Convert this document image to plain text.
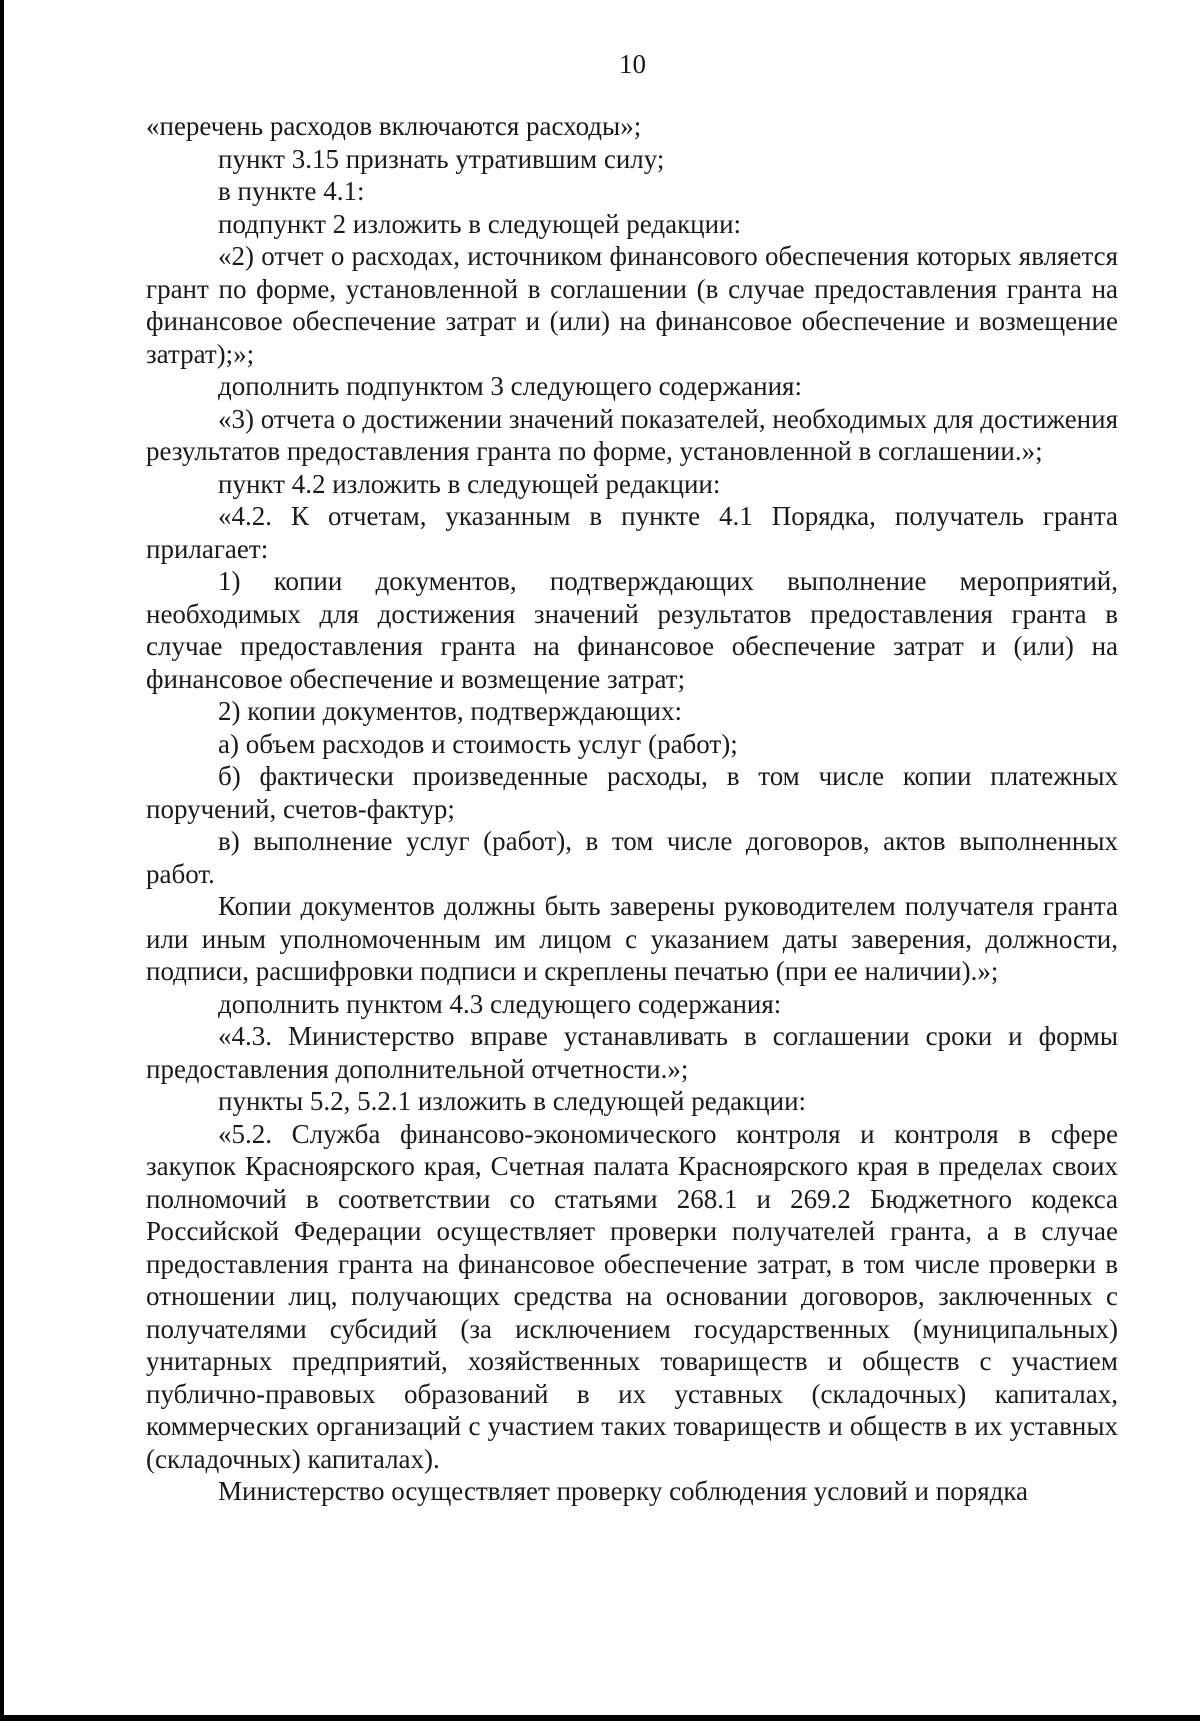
10

«перечень расходов включаются расходы»;

пункт 3.15 признать утратившим силу;

в пункте 4.1:

подпункт 2 изложить в следующей редакции:

«2) отчет о расходах, источником финансового обеспечения которых является грант по форме, установленной в соглашении (в случае предоставления гранта на финансовое обеспечение затрат и (или) на финансовое обеспечение и возмещение затрат);»;

дополнить подпунктом 3 следующего содержания:

«3) отчета о достижении значений показателей, необходимых для достижения результатов предоставления гранта по форме, установленной в соглашении.»;

пункт 4.2 изложить в следующей редакции:

«4.2. К отчетам, указанным в пункте 4.1 Порядка, получатель гранта прилагает:

1) копии документов, подтверждающих выполнение мероприятий, необходимых для достижения значений результатов предоставления гранта в случае предоставления гранта на финансовое обеспечение затрат и (или) на финансовое обеспечение и возмещение затрат;

2) копии документов, подтверждающих:

а) объем расходов и стоимость услуг (работ);

б) фактически произведенные расходы, в том числе копии платежных поручений, счетов-фактур;

в) выполнение услуг (работ), в том числе договоров, актов выполненных работ.

Копии документов должны быть заверены руководителем получателя гранта или иным уполномоченным им лицом с указанием даты заверения, должности, подписи, расшифровки подписи и скреплены печатью (при ее наличии).»;

дополнить пунктом 4.3 следующего содержания:

«4.3. Министерство вправе устанавливать в соглашении сроки и формы предоставления дополнительной отчетности.»;

пункты 5.2, 5.2.1 изложить в следующей редакции:

«5.2. Служба финансово-экономического контроля и контроля в сфере закупок Красноярского края, Счетная палата Красноярского края в пределах своих полномочий в соответствии со статьями 268.1 и 269.2 Бюджетного кодекса Российской Федерации осуществляет проверки получателей гранта, а в случае предоставления гранта на финансовое обеспечение затрат, в том числе проверки в отношении лиц, получающих средства на основании договоров, заключенных с получателями субсидий (за исключением государственных (муниципальных) унитарных предприятий, хозяйственных товариществ и обществ с участием публично-правовых образований в их уставных (складочных) капиталах, коммерческих организаций с участием таких товариществ и обществ в их уставных (складочных) капиталах).

Министерство осуществляет проверку соблюдения условий и порядка
